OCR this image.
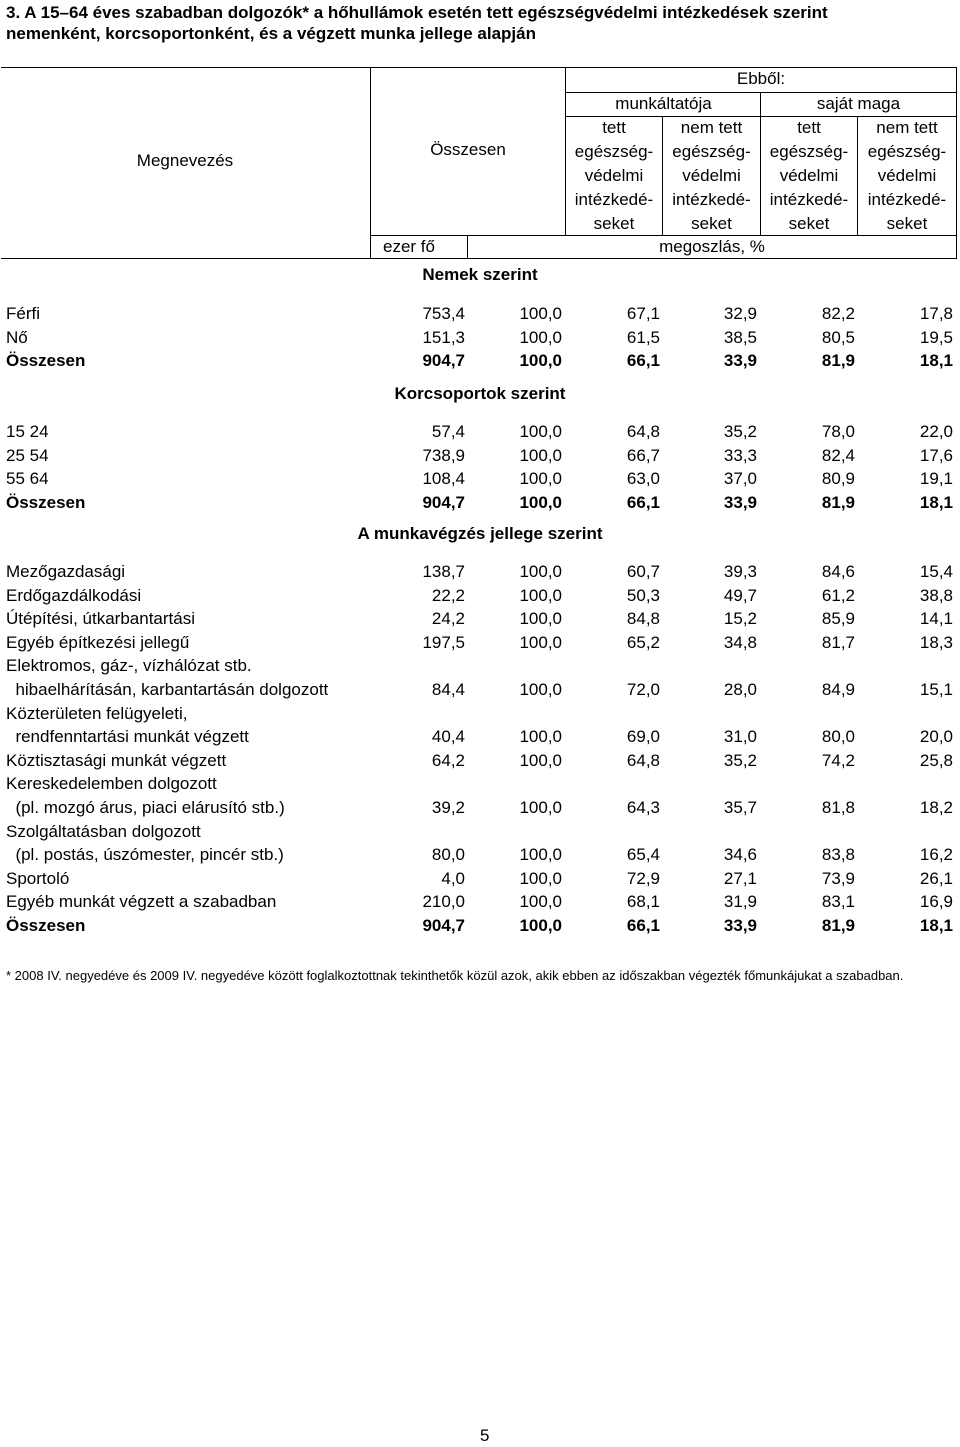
3. A 15–64 éves szabadban dolgozók* a hőhullámok esetén tett egészségvédelmi intézkedések szerint
nemenként, korcsoportonként, és a végzett munka jellege alapján
Megnevezés
Összesen
Ebből:
munkáltatója	saját maga
tett
egészség-
védelmi
intézkedé-
seket
nem tett
egészség-
védelmi
intézkedé-
seket
tett
egészség-
védelmi
intézkedé-
seket
nem tett
egészség-
védelmi
intézkedé-
seket
ezer fő	megoszlás, %
Nemek szerint
Férfi	753,4	100,0	67,1	32,9	82,2	17,8
Nő	151,3	100,0	61,5	38,5	80,5	19,5
Összesen	904,7	100,0	66,1	33,9	81,9	18,1
Korcsoportok szerint
15 24	57,4	100,0	64,8	35,2	78,0	22,0
25 54	738,9	100,0	66,7	33,3	82,4	17,6
55 64	108,4	100,0	63,0	37,0	80,9	19,1
Összesen	904,7	100,0	66,1	33,9	81,9	18,1
A munkavégzés jellege szerint
Mezőgazdasági	138,7	100,0	60,7	39,3	84,6	15,4
Erdőgazdálkodási	22,2	100,0	50,3	49,7	61,2	38,8
Útépítési, útkarbantartási	24,2	100,0	84,8	15,2	85,9	14,1
Egyéb építkezési jellegű	197,5	100,0	65,2	34,8	81,7	18,3
Elektromos, gáz-, vízhálózat stb.
hibaelhárításán, karbantartásán dolgozott	84,4	100,0	72,0	28,0	84,9	15,1
Közterületen felügyeleti,
rendfenntartási munkát végzett	40,4	100,0	69,0	31,0	80,0	20,0
Köztisztasági munkát végzett	64,2	100,0	64,8	35,2	74,2	25,8
Kereskedelemben dolgozott
(pl. mozgó árus, piaci elárusító stb.)	39,2	100,0	64,3	35,7	81,8	18,2
Szolgáltatásban dolgozott
(pl. postás, úszómester, pincér stb.)	80,0	100,0	65,4	34,6	83,8	16,2
Sportoló	4,0	100,0	72,9	27,1	73,9	26,1
Egyéb munkát végzett a szabadban	210,0	100,0	68,1	31,9	83,1	16,9
Összesen	904,7	100,0	66,1	33,9	81,9	18,1
* 2008 IV. negyedéve és 2009 IV. negyedéve között foglalkoztottnak tekinthetők közül azok, akik ebben az időszakban végezték főmunkájukat a szabadban.
5
